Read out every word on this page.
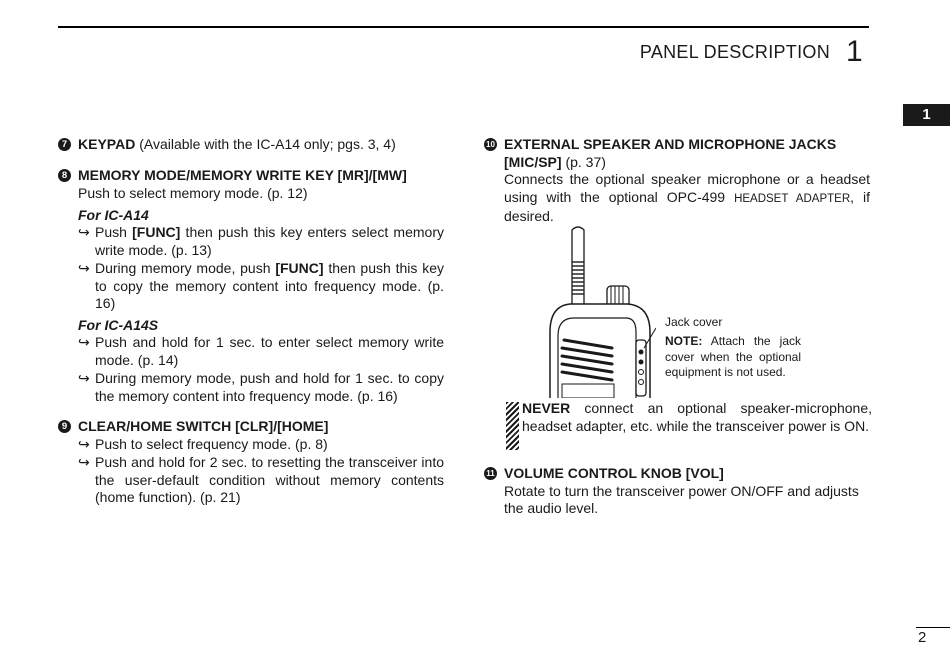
PANEL DESCRIPTION 1
1
7 KEYPAD (Available with the IC-A14 only; pgs. 3, 4)
8 MEMORY MODE/MEMORY WRITE KEY [MR]/[MW]
Push to select memory mode. (p. 12)
For IC-A14
↪ Push [FUNC] then push this key enters select memory write mode. (p. 13)
↪ During memory mode, push [FUNC] then push this key to copy the memory content into frequency mode. (p. 16)
For IC-A14S
↪ Push and hold for 1 sec. to enter select memory write mode. (p. 14)
↪ During memory mode, push and hold for 1 sec. to copy the memory content into frequency mode. (p. 16)
9 CLEAR/HOME SWITCH [CLR]/[HOME]
↪ Push to select frequency mode. (p. 8)
↪ Push and hold for 2 sec. to resetting the transceiver into the user-default condition without memory contents (home function). (p. 21)
10 EXTERNAL SPEAKER AND MICROPHONE JACKS [MIC/SP] (p. 37)
Connects the optional speaker microphone or a headset using with the optional OPC-499 HEADSET ADAPTER, if desired.
Jack cover
NOTE: Attach the jack cover when the optional equipment is not used.
NEVER connect an optional speaker-microphone, headset adapter, etc. while the transceiver power is ON.
11 VOLUME CONTROL KNOB [VOL]
Rotate to turn the transceiver power ON/OFF and adjusts the audio level.
2
